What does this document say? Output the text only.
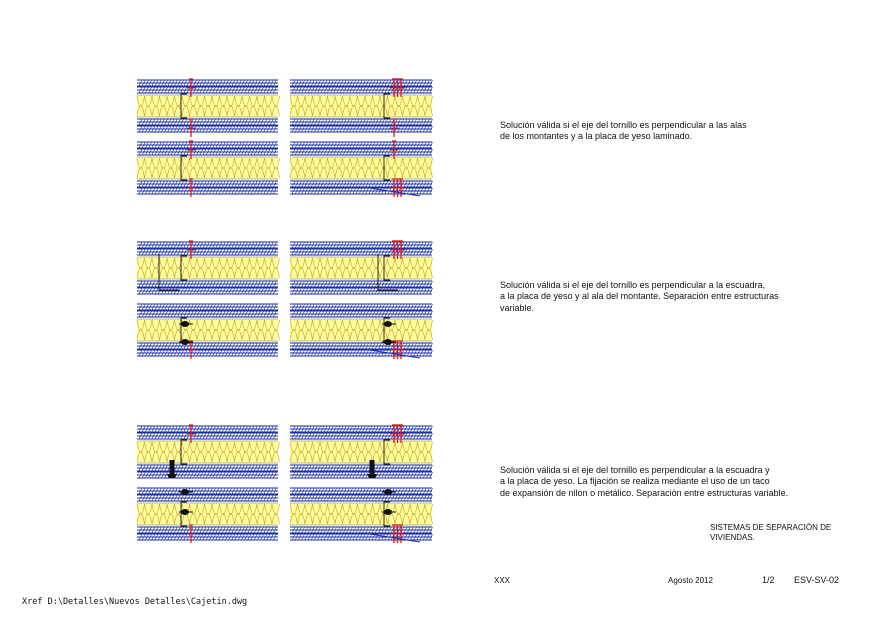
Solución válida si el eje del tornillo es perpendicular a las alas
de los montantes y a la placa de yeso laminado.
Solución válida si el eje del tornillo es perpendicular a la escuadra,
a la placa de yeso y al ala del montante. Separación entre estructuras
variable.
Solución válida si el eje del tornillo es perpendicular a la escuadra y
a la placa de yeso. La fijación se realiza mediante el uso de un taco
de expansión de nilon o metálico. Separación entre estructuras variable.
SISTEMAS DE SEPARACIÓN DE
VIVIENDAS.
XXX	Agosto 2012	1/2 ESV-SV-02
Xref D:\Detalles\Nuevos Detalles\Cajetin.dwg
